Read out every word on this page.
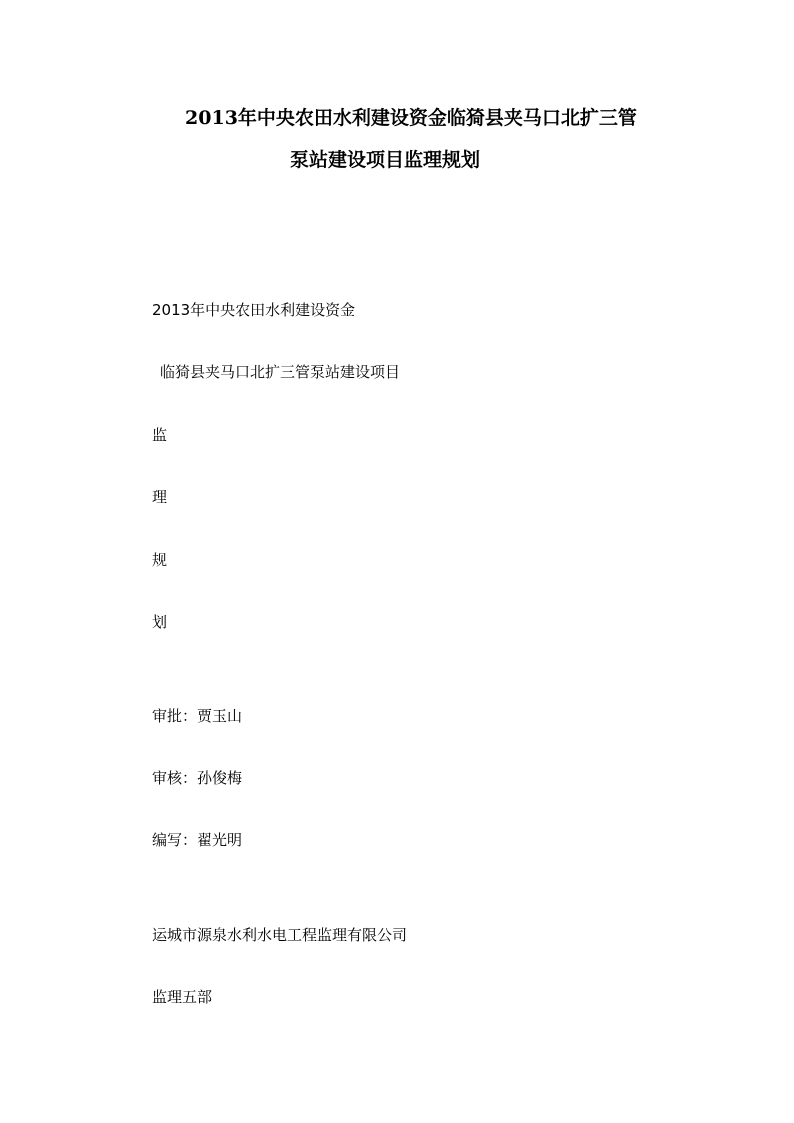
2013年中央农田水利建设资金临猗县夹马口北扩三管
泵站建设项目监理规划

2013年中央农田水利建设资金

临猗县夹马口北扩三管泵站建设项目

监

理

规

划

审批：贾玉山

审核：孙俊梅

编写：翟光明

运城市源泉水利水电工程监理有限公司

监理五部
